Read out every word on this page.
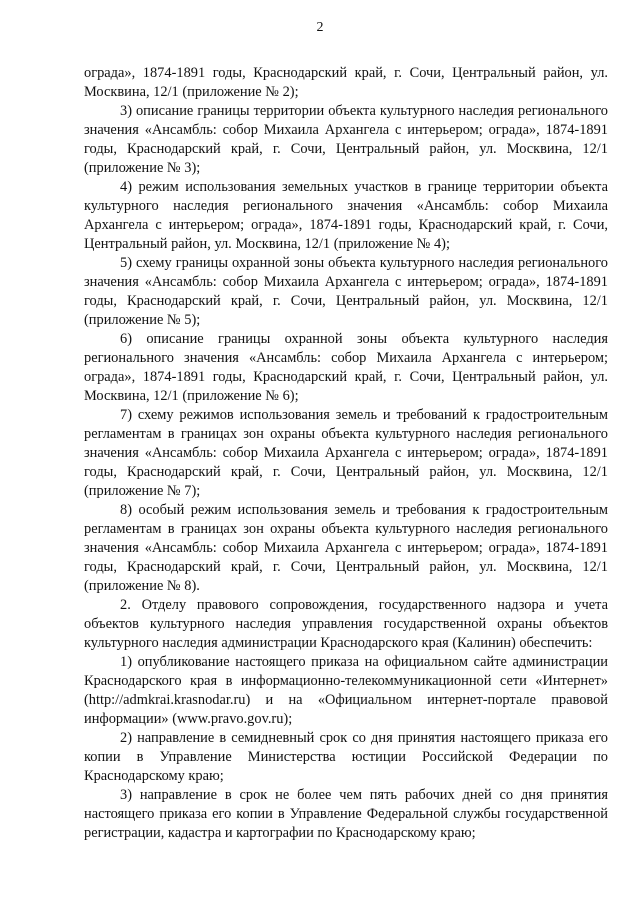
2

ограда», 1874-1891 годы, Краснодарский край, г. Сочи, Центральный район, ул. Москвина, 12/1 (приложение № 2);

3) описание границы территории объекта культурного наследия регионального значения «Ансамбль: собор Михаила Архангела с интерьером; ограда», 1874-1891 годы, Краснодарский край, г. Сочи, Центральный район, ул. Москвина, 12/1 (приложение № 3);

4) режим использования земельных участков в границе территории объекта культурного наследия регионального значения «Ансамбль: собор Михаила Архангела с интерьером; ограда», 1874-1891 годы, Краснодарский край, г. Сочи, Центральный район, ул. Москвина, 12/1 (приложение № 4);

5) схему границы охранной зоны объекта культурного наследия регионального значения «Ансамбль: собор Михаила Архангела с интерьером; ограда», 1874-1891 годы, Краснодарский край, г. Сочи, Центральный район, ул. Москвина, 12/1 (приложение № 5);

6) описание границы охранной зоны объекта культурного наследия регионального значения «Ансамбль: собор Михаила Архангела с интерьером; ограда», 1874-1891 годы, Краснодарский край, г. Сочи, Центральный район, ул. Москвина, 12/1 (приложение № 6);

7) схему режимов использования земель и требований к градостроительным регламентам в границах зон охраны объекта культурного наследия регионального значения «Ансамбль: собор Михаила Архангела с интерьером; ограда», 1874-1891 годы, Краснодарский край, г. Сочи, Центральный район, ул. Москвина, 12/1 (приложение № 7);

8) особый режим использования земель и требования к градостроительным регламентам в границах зон охраны объекта культурного наследия регионального значения «Ансамбль: собор Михаила Архангела с интерьером; ограда», 1874-1891 годы, Краснодарский край, г. Сочи, Центральный район, ул. Москвина, 12/1 (приложение № 8).

2. Отделу правового сопровождения, государственного надзора и учета объектов культурного наследия управления государственной охраны объектов культурного наследия администрации Краснодарского края (Калинин) обеспечить:

1) опубликование настоящего приказа на официальном сайте администрации Краснодарского края в информационно-телекоммуникационной сети «Интернет» (http://admkrai.krasnodar.ru) и на «Официальном интернет-портале правовой информации» (www.pravo.gov.ru);

2) направление в семидневный срок со дня принятия настоящего приказа его копии в Управление Министерства юстиции Российской Федерации по Краснодарскому краю;

3) направление в срок не более чем пять рабочих дней со дня принятия настоящего приказа его копии в Управление Федеральной службы государственной регистрации, кадастра и картографии по Краснодарскому краю;
